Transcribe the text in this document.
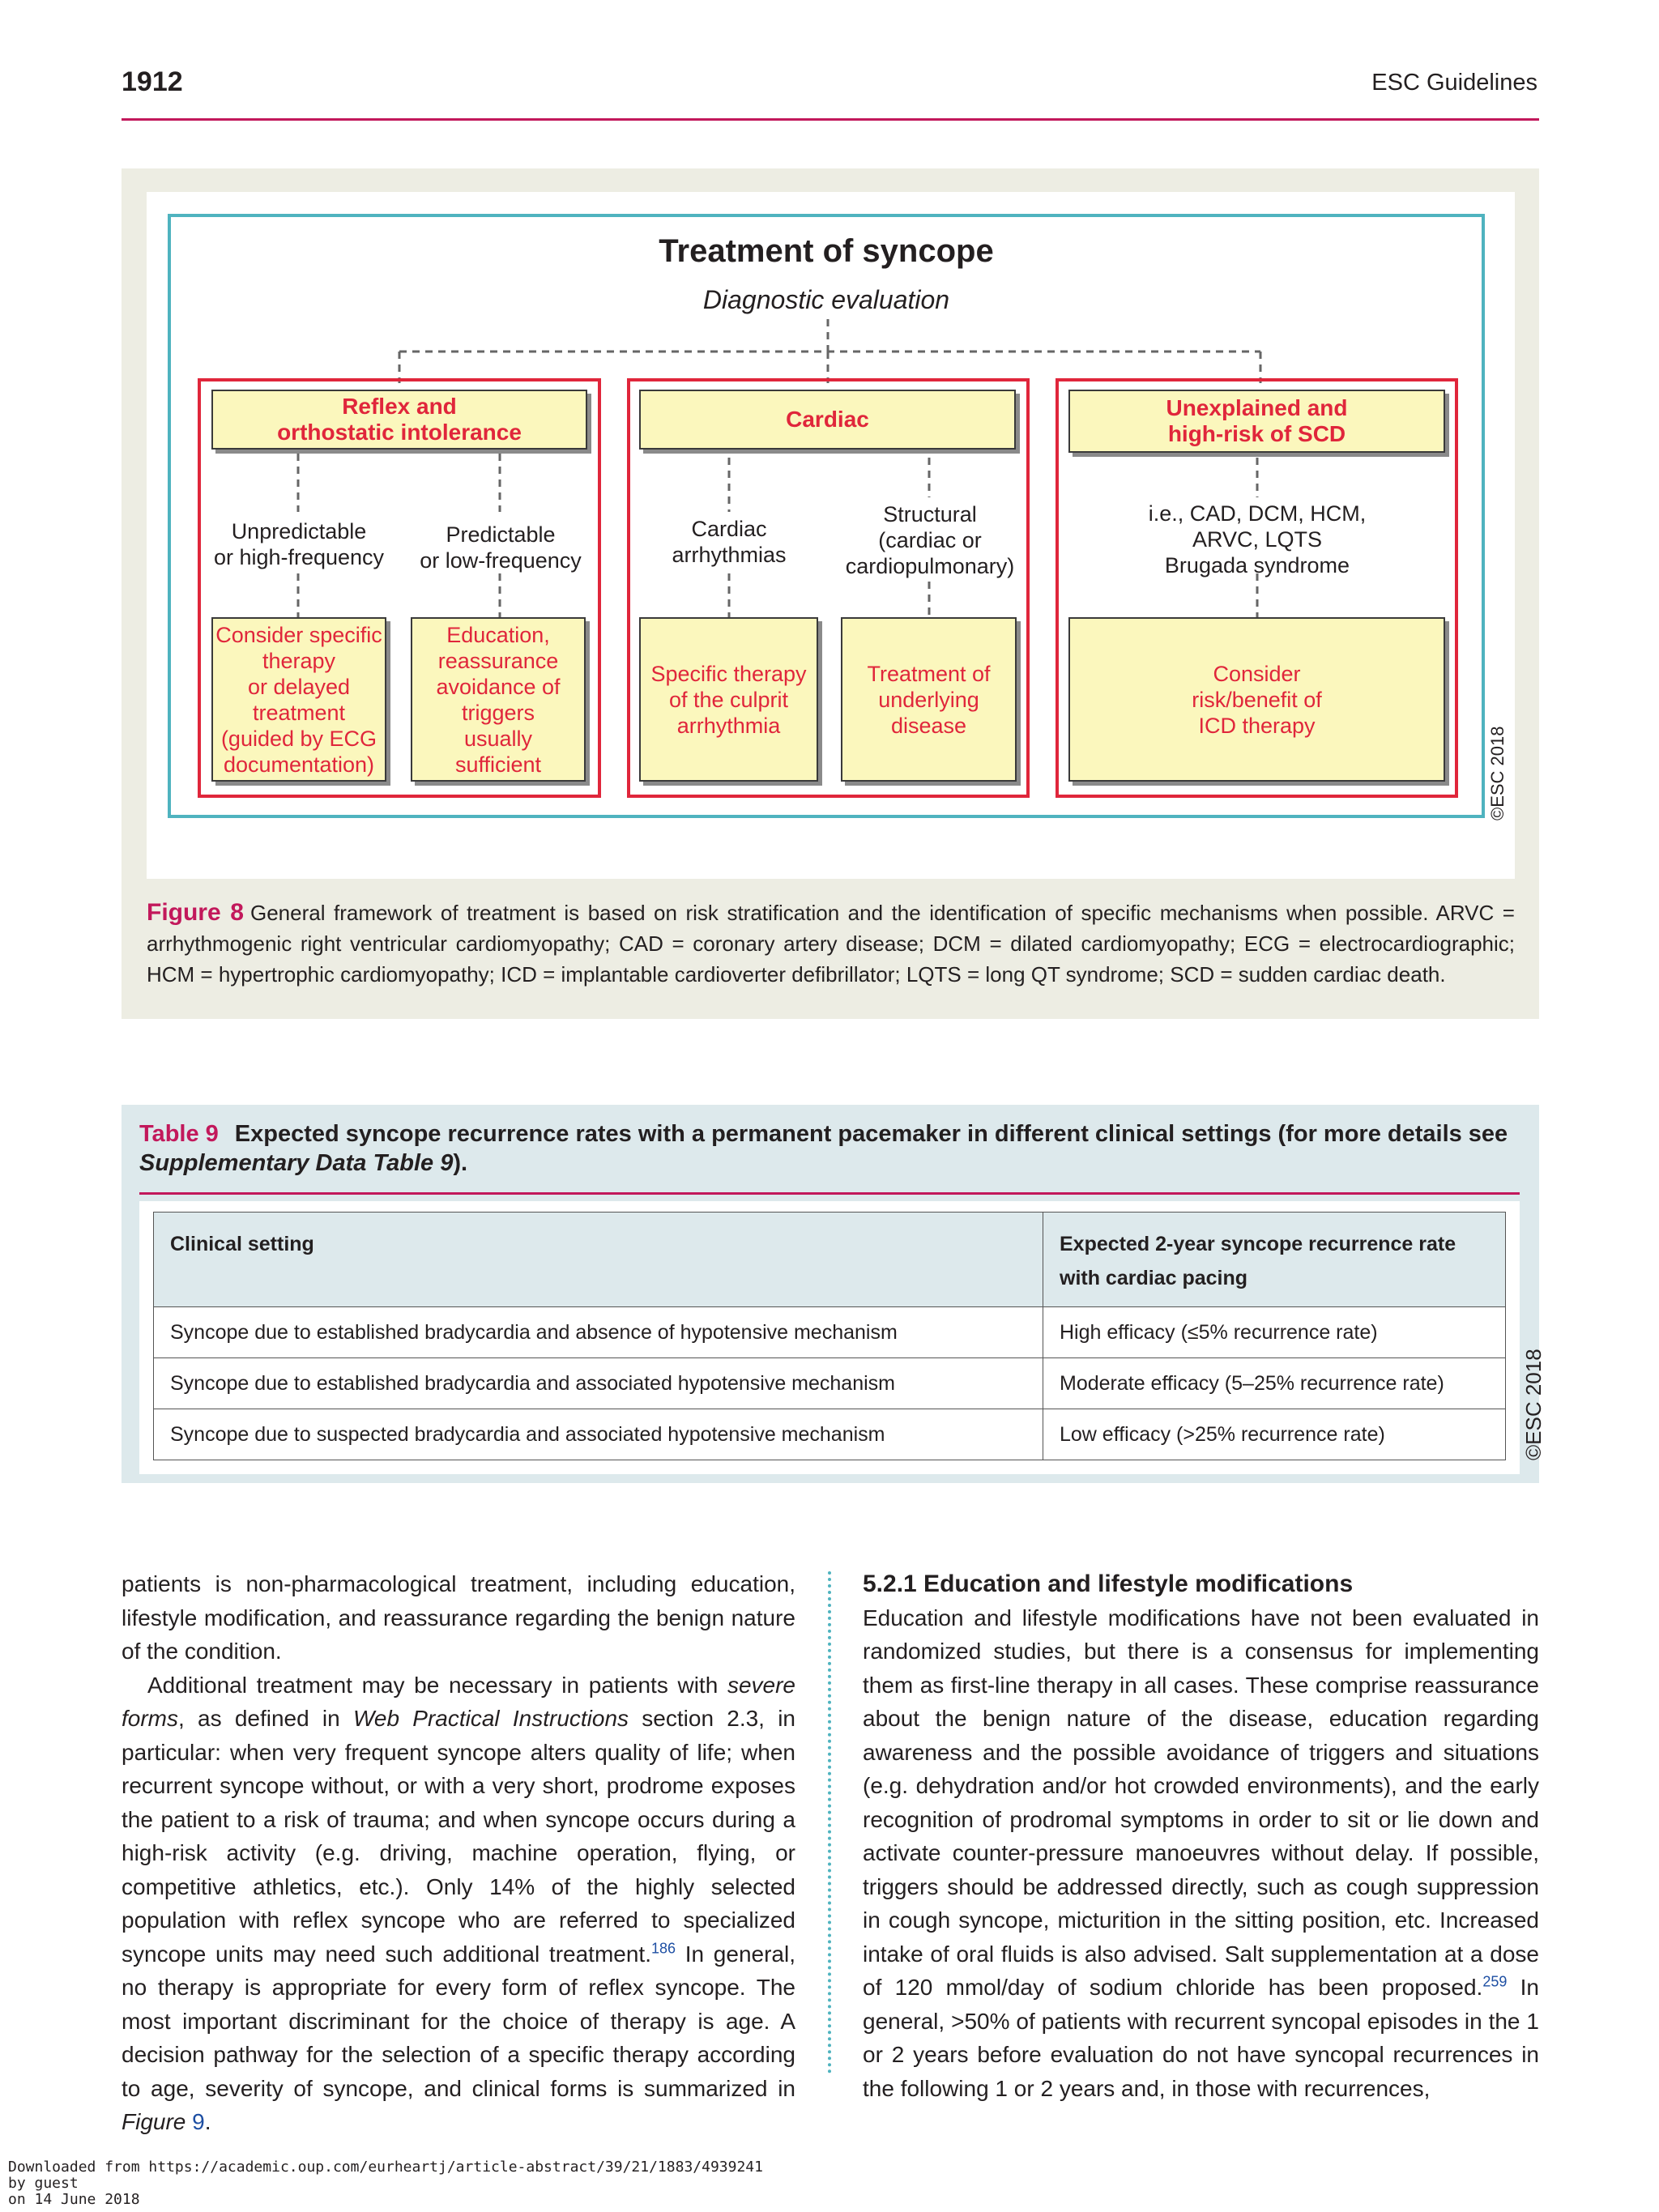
1912	ESC Guidelines
Treatment of syncope
Diagnostic evaluation
Reflex and
orthostatic intolerance
Unpredictable
or high-frequency
Predictable
or low-frequency
Consider specific
therapy
or delayed
treatment
(guided by ECG
documentation)
Education,
reassurance
avoidance of
triggers
usually
sufficient
Cardiac
Cardiac
arrhythmias
Structural
(cardiac or
cardiopulmonary)
Specific therapy
of the culprit
arrhythmia
Treatment of
underlying
disease
Unexplained and
high-risk of SCD
i.e., CAD, DCM, HCM,
ARVC, LQTS
Brugada syndrome
Consider
risk/benefit of
ICD therapy
©ESC 2018
Figure 8 General framework of treatment is based on risk stratification and the identification of specific mechanisms when possible. ARVC = arrhythmogenic right ventricular cardiomyopathy; CAD = coronary artery disease; DCM = dilated cardiomyopathy; ECG = electrocardiographic; HCM = hypertrophic cardiomyopathy; ICD = implantable cardioverter defibrillator; LQTS = long QT syndrome; SCD = sudden cardiac death.
Table 9 Expected syncope recurrence rates with a permanent pacemaker in different clinical settings (for more details see Supplementary Data Table 9).
Clinical setting	Expected 2-year syncope recurrence rate with cardiac pacing
Syncope due to established bradycardia and absence of hypotensive mechanism	High efficacy (≤5% recurrence rate)
Syncope due to established bradycardia and associated hypotensive mechanism	Moderate efficacy (5–25% recurrence rate)
Syncope due to suspected bradycardia and associated hypotensive mechanism	Low efficacy (>25% recurrence rate)	©ESC 2018

patients is non-pharmacological treatment, including education, lifestyle modification, and reassurance regarding the benign nature of the condition.

Additional treatment may be necessary in patients with severe forms, as defined in Web Practical Instructions section 2.3, in particular: when very frequent syncope alters quality of life; when recurrent syncope without, or with a very short, prodrome exposes the patient to a risk of trauma; and when syncope occurs during a high-risk activity (e.g. driving, machine operation, flying, or competitive athletics, etc.). Only 14% of the highly selected population with reflex syncope who are referred to specialized syncope units may need such additional treatment.$^{186}$ In general, no therapy is appropriate for every form of reflex syncope. The most important discriminant for the choice of therapy is age. A decision pathway for the selection of a specific therapy according to age, severity of syncope, and clinical forms is summarized in Figure 9.

5.2.1 Education and lifestyle modifications

Education and lifestyle modifications have not been evaluated in randomized studies, but there is a consensus for implementing them as first-line therapy in all cases. These comprise reassurance about the benign nature of the disease, education regarding awareness and the possible avoidance of triggers and situations (e.g. dehydration and/or hot crowded environments), and the early recognition of prodromal symptoms in order to sit or lie down and activate counter-pressure manoeuvres without delay. If possible, triggers should be addressed directly, such as cough suppression in cough syncope, micturition in the sitting position, etc. Increased intake of oral fluids is also advised. Salt supplementation at a dose of 120 mmol/day of sodium chloride has been proposed.$^{259}$ In general, >50% of patients with recurrent syncopal episodes in the 1 or 2 years before evaluation do not have syncopal recurrences in the following 1 or 2 years and, in those with recurrences,

Downloaded from https://academic.oup.com/eurheartj/article-abstract/39/21/1883/4939241
by guest
on 14 June 2018
